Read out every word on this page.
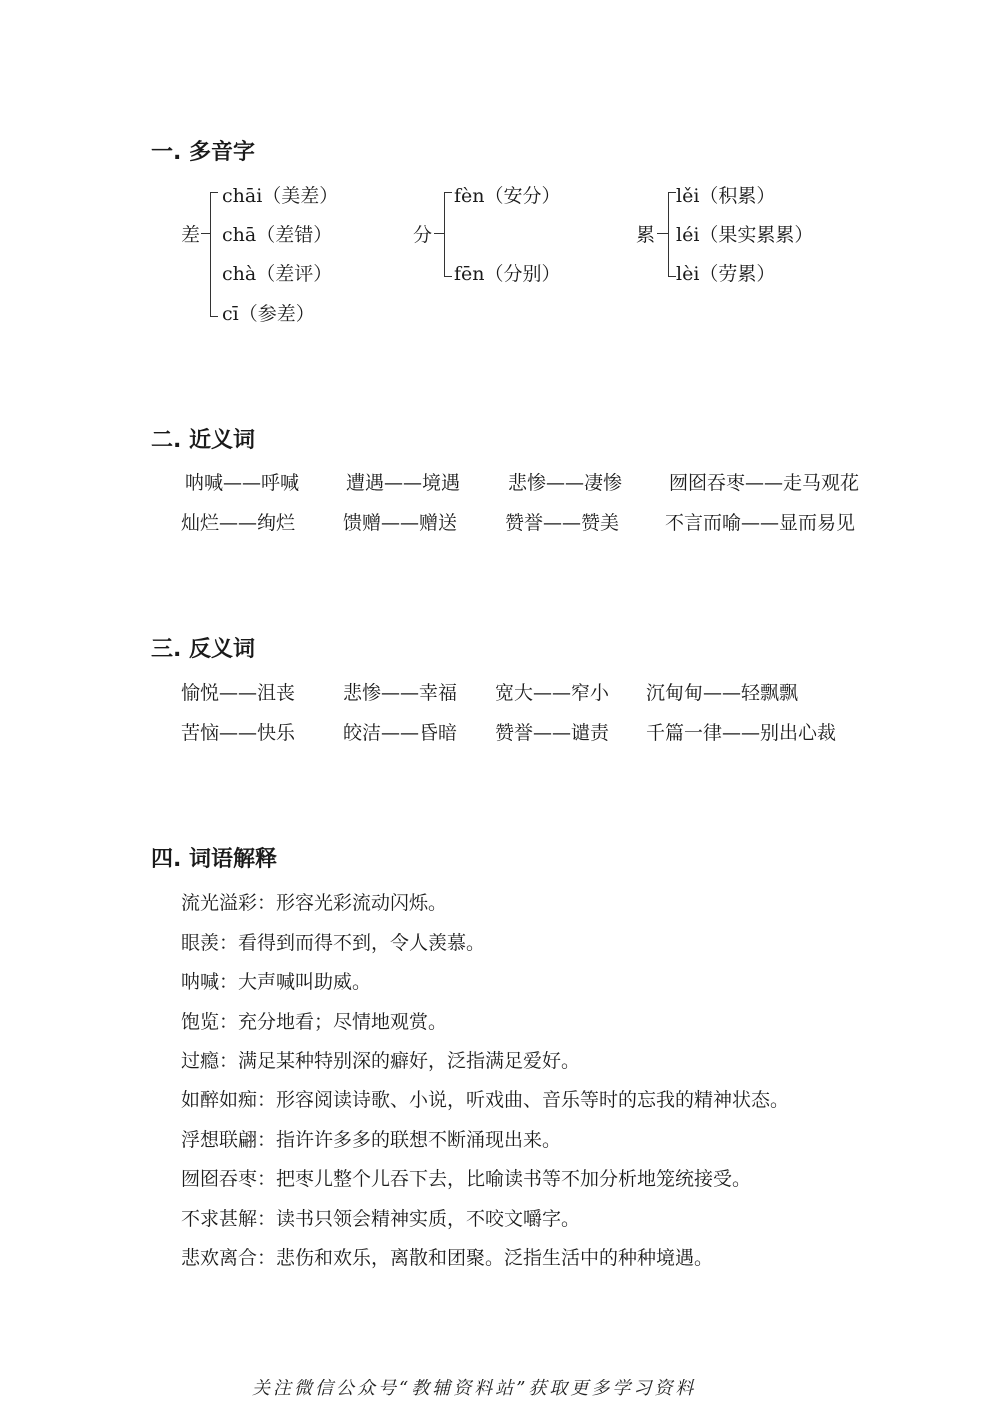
一. 多音字
差
chāi（美差）
chā（差错）
chà（差评）
cī（参差）
分
fèn（安分）
fēn（分别）
累
lěi（积累）
léi（果实累累）
lèi（劳累）
二. 近义词
呐喊——呼喊 遭遇——境遇	悲惨——凄惨 囫囵吞枣——走马观花
灿烂——绚烂	馈赠——赠送	赞誉——赞美 不言而喻——显而易见
三. 反义词
愉悦——沮丧	悲惨——幸福 宽大——窄小 沉甸甸——轻飘飘
苦恼——快乐	皎洁——昏暗 赞誉——谴责 千篇一律——别出心裁
四. 词语解释
流光溢彩：形容光彩流动闪烁。
眼羡：看得到而得不到，令人羡慕。
呐喊：大声喊叫助威。
饱览：充分地看；尽情地观赏。
过瘾：满足某种特别深的癖好，泛指满足爱好。
如醉如痴：形容阅读诗歌、小说，听戏曲、音乐等时的忘我的精神状态。
浮想联翩：指许许多多的联想不断涌现出来。
囫囵吞枣：把枣儿整个儿吞下去，比喻读书等不加分析地笼统接受。
不求甚解：读书只领会精神实质，不咬文嚼字。
悲欢离合：悲伤和欢乐，离散和团聚。泛指生活中的种种境遇。
关注微信公众号“教辅资料站”获取更多学习资料
